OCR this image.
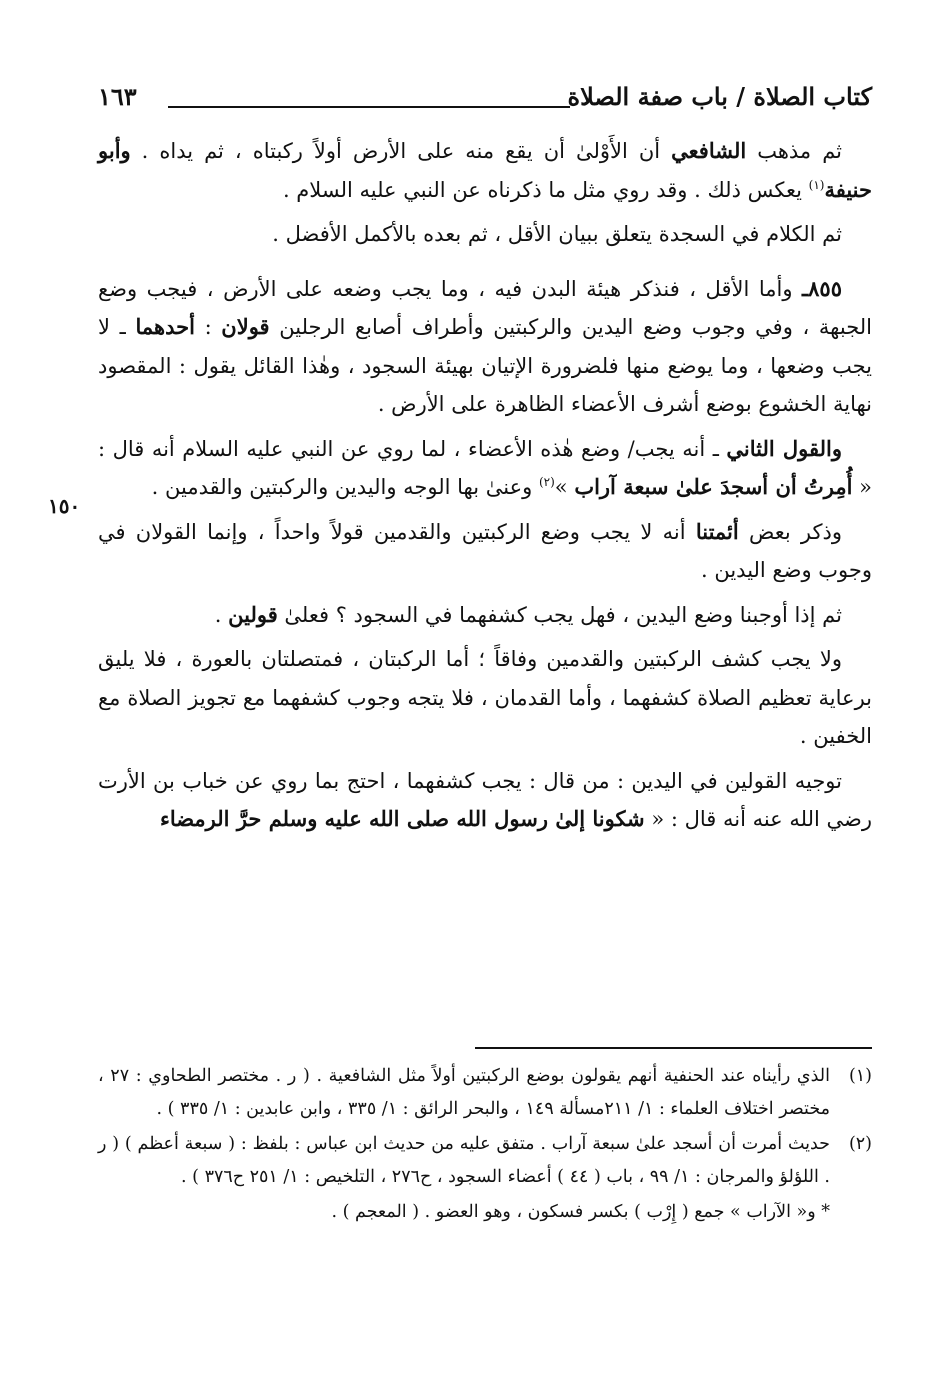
كتاب الصلاة / باب صفة الصلاة
١٦٣
١٥٠

ثم مذهب الشافعي أن الأَوْلىٰ أن يقع منه على الأرض أولاً ركبتاه ، ثم يداه . وأبو حنيفة$^{(١)}$ يعكس ذلك . وقد روي مثل ما ذكرناه عن النبي عليه السلام .

ثم الكلام في السجدة يتعلق ببيان الأقل ، ثم بعده بالأكمل الأفضل .

٨٥٥ـ وأما الأقل ، فنذكر هيئة البدن فيه ، وما يجب وضعه على الأرض ، فيجب وضع الجبهة ، وفي وجوب وضع اليدين والركبتين وأطراف أصابع الرجلين قولان : أحدهما ـ لا يجب وضعها ، وما يوضع منها فلضرورة الإتيان بهيئة السجود ، وهٰذا القائل يقول : المقصود نهاية الخشوع بوضع أشرف الأعضاء الظاهرة على الأرض .

والقول الثاني ـ أنه يجب/ وضع هٰذه الأعضاء ، لما روي عن النبي عليه السلام أنه قال : « أُمِرتُ أن أسجدَ علىٰ سبعة آراب »$^{(٢)}$ وعنىٰ بها الوجه واليدين والركبتين والقدمين .

وذكر بعض أئمتنا أنه لا يجب وضع الركبتين والقدمين قولاً واحداً ، وإنما القولان في وجوب وضع اليدين .

ثم إذا أوجبنا وضع اليدين ، فهل يجب كشفهما في السجود ؟ فعلىٰ قولين .

ولا يجب كشف الركبتين والقدمين وفاقاً ؛ أما الركبتان ، فمتصلتان بالعورة ، فلا يليق برعاية تعظيم الصلاة كشفهما ، وأما القدمان ، فلا يتجه وجوب كشفهما مع تجويز الصلاة مع الخفين .

توجيه القولين في اليدين : من قال : يجب كشفهما ، احتج بما روي عن خباب بن الأرت رضي الله عنه أنه قال : « شكونا إلىٰ رسول الله صلى الله عليه وسلم حرَّ الرمضاء

(١)
الذي رأيناه عند الحنفية أنهم يقولون بوضع الركبتين أولاً مثل الشافعية . ( ر . مختصر الطحاوي : ٢٧ ، مختصر اختلاف العلماء : ١/ ٢١١مسألة ١٤٩ ، والبحر الرائق : ١/ ٣٣٥ ، وابن عابدين : ١/ ٣٣٥ ) .
(٢)
حديث أمرت أن أسجد علىٰ سبعة آراب . متفق عليه من حديث ابن عباس : بلفظ : ( سبعة أعظم ) ( ر . اللؤلؤ والمرجان : ١/ ٩٩ ، باب ( ٤٤ ) أعضاء السجود ، ح٢٧٦ ، التلخيص : ١/ ٢٥١ ح٣٧٦ ) .
* و« الآراب » جمع ( إِرْب ) بكسر فسكون ، وهو العضو . ( المعجم ) .
